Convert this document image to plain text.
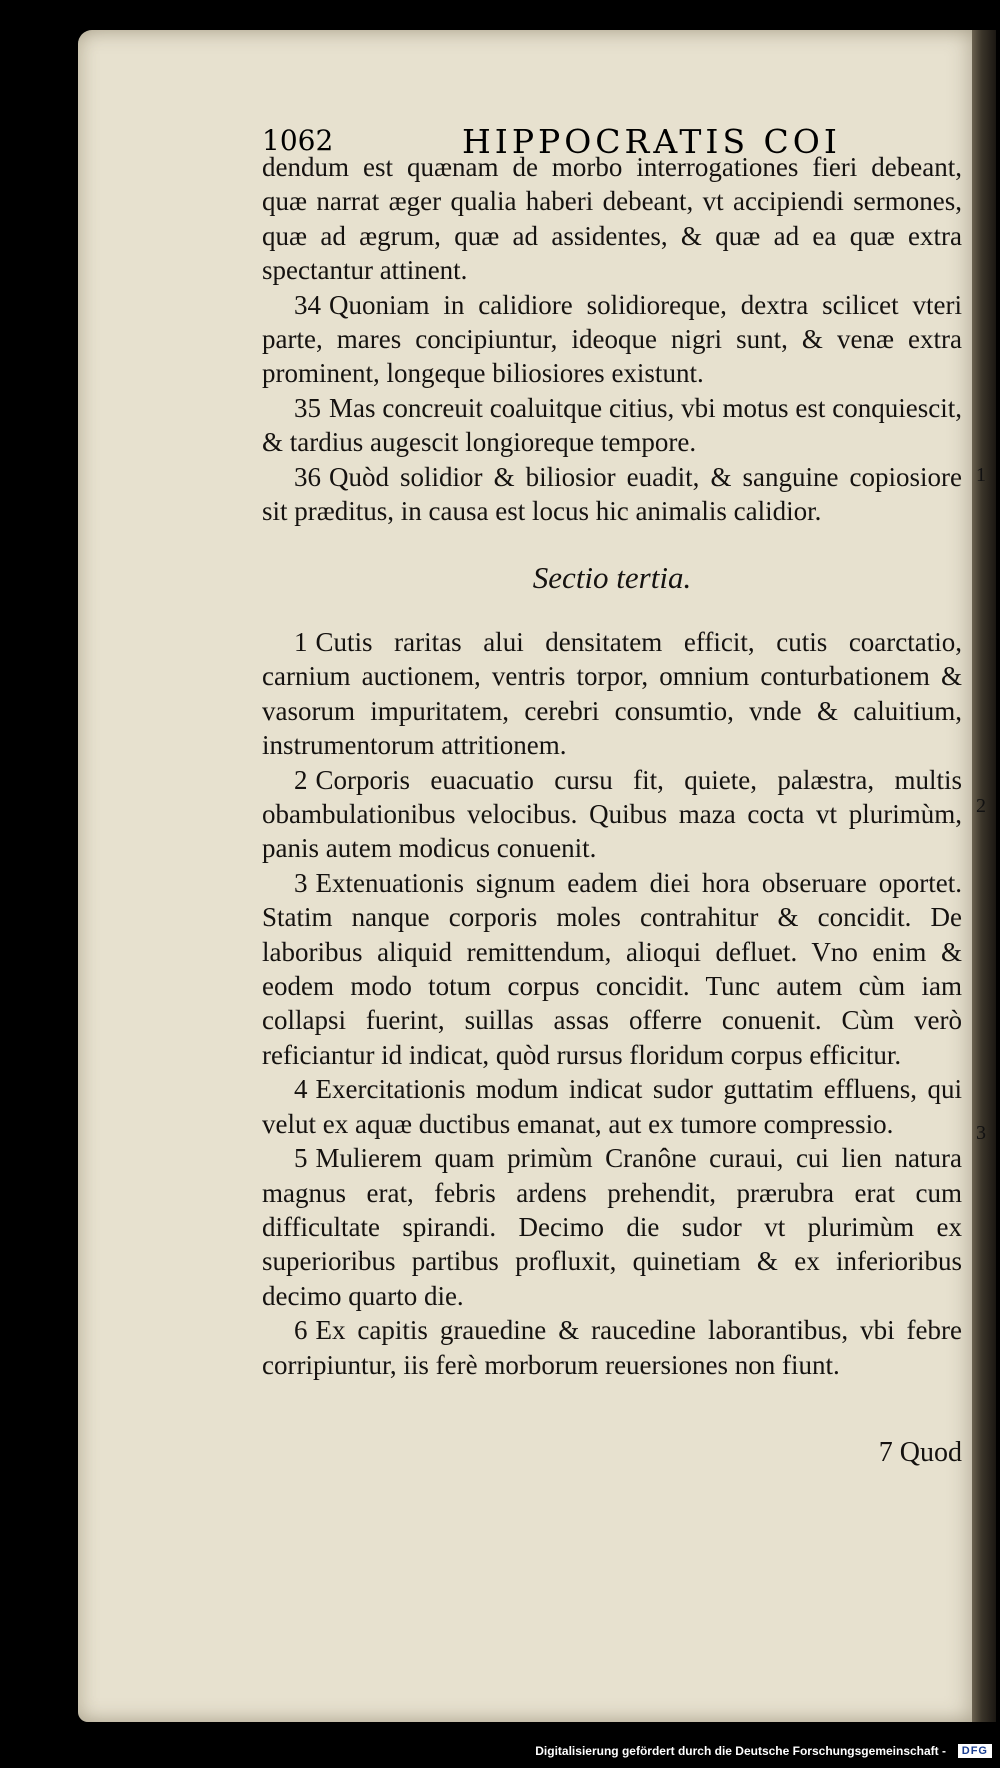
1062	HIPPOCRATIS COI

dendum est quænam de morbo interrogationes fieri debeant, quæ narrat æger qualia haberi debeant, vt accipiendi sermones, quæ ad ægrum, quæ ad assidentes, & quæ ad ea quæ extra spectantur attinent.

34 Quoniam in calidiore solidioreque, dextra scilicet vteri parte, mares concipiuntur, ideoque nigri sunt, & venæ extra prominent, longeque biliosiores existunt.

35 Mas concreuit coaluitque citius, vbi motus est conquiescit, & tardius augescit longioreque tempore.

36 Quòd solidior & biliosior euadit, & sanguine copiosiore sit præditus, in causa est locus hic animalis calidior.

Sectio tertia.

1 Cutis raritas alui densitatem efficit, cutis coarctatio, carnium auctionem, ventris torpor, omnium conturbationem & vasorum impuritatem, cerebri consumtio, vnde & caluitium, instrumentorum attritionem.

2 Corporis euacuatio cursu fit, quiete, palæstra, multis obambulationibus velocibus. Quibus maza cocta vt plurimùm, panis autem modicus conuenit.

3 Extenuationis signum eadem diei hora obseruare oportet. Statim nanque corporis moles contrahitur & concidit. De laboribus aliquid remittendum, alioqui defluet. Vno enim & eodem modo totum corpus concidit. Tunc autem cùm iam collapsi fuerint, suillas assas offerre conuenit. Cùm verò reficiantur id indicat, quòd rursus floridum corpus efficitur.

4 Exercitationis modum indicat sudor guttatim effluens, qui velut ex aquæ ductibus emanat, aut ex tumore compressio.

5 Mulierem quam primùm Cranône curaui, cui lien natura magnus erat, febris ardens prehendit, prærubra erat cum difficultate spirandi. Decimo die sudor vt plurimùm ex superioribus partibus profluxit, quinetiam & ex inferioribus decimo quarto die.

6 Ex capitis grauedine & raucedine laborantibus, vbi febre corripiuntur, iis ferè morborum reuersiones non fiunt.

7 Quod
1
2
3
Digitalisierung gefördert durch die Deutsche Forschungsgemeinschaft -	DFG
